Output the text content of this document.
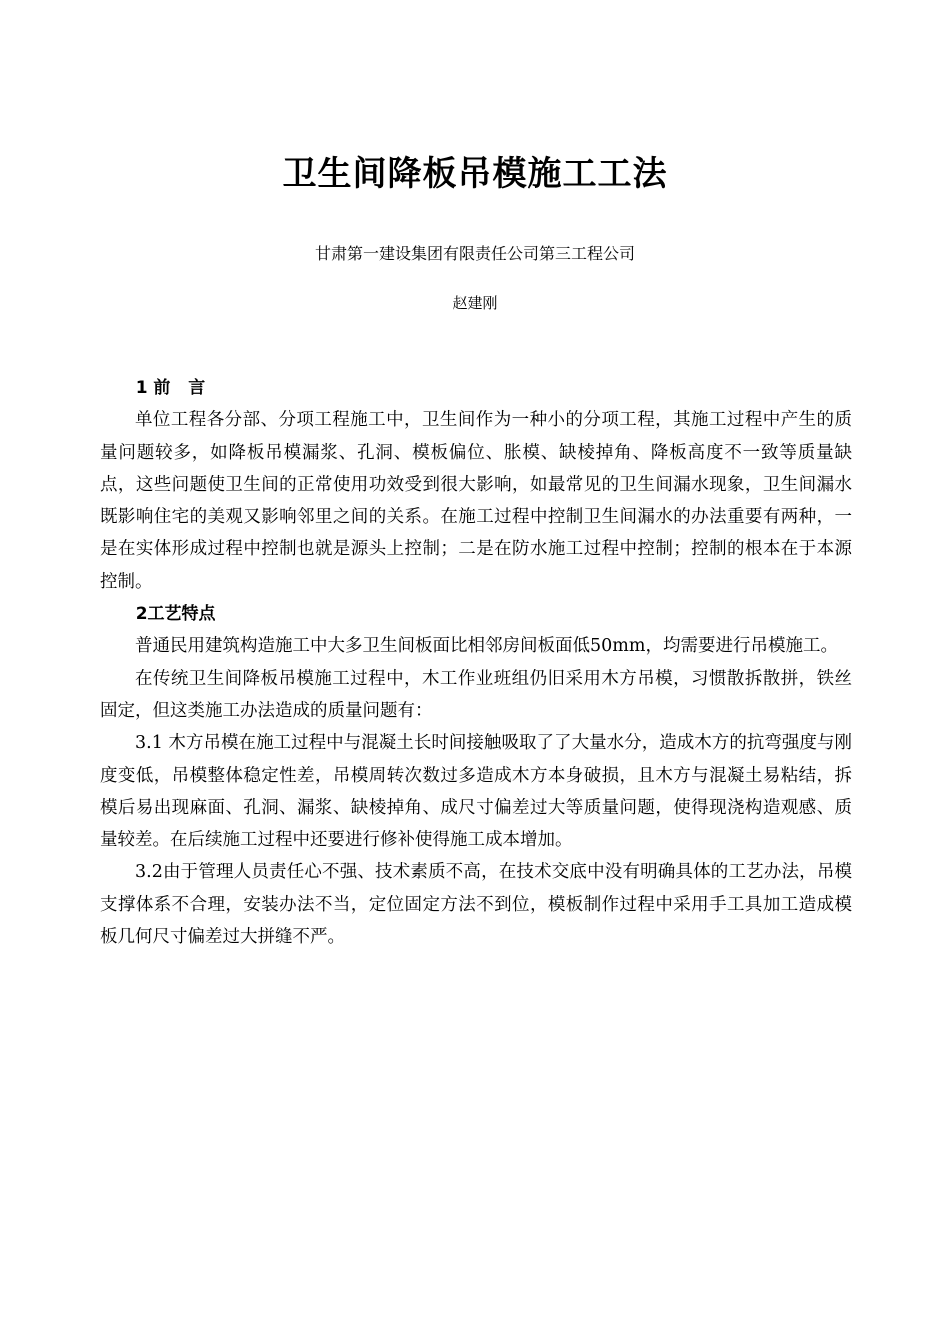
卫生间降板吊模施工工法
甘肃第一建设集团有限责任公司第三工程公司
赵建刚
1 前   言

单位工程各分部、分项工程施工中，卫生间作为一种小的分项工程，其施工过程中产生的质量问题较多，如降板吊模漏浆、孔洞、模板偏位、胀模、缺棱掉角、降板高度不一致等质量缺点，这些问题使卫生间的正常使用功效受到很大影响，如最常见的卫生间漏水现象，卫生间漏水既影响住宅的美观又影响邻里之间的关系。在施工过程中控制卫生间漏水的办法重要有两种，一是在实体形成过程中控制也就是源头上控制；二是在防水施工过程中控制；控制的根本在于本源控制。

2工艺特点

普通民用建筑构造施工中大多卫生间板面比相邻房间板面低50mm，均需要进行吊模施工。

在传统卫生间降板吊模施工过程中，木工作业班组仍旧采用木方吊模，习惯散拆散拼，铁丝固定，但这类施工办法造成的质量问题有：

3.1 木方吊模在施工过程中与混凝土长时间接触吸取了了大量水分，造成木方的抗弯强度与刚度变低，吊模整体稳定性差，吊模周转次数过多造成木方本身破损，且木方与混凝土易粘结，拆模后易出现麻面、孔洞、漏浆、缺棱掉角、成尺寸偏差过大等质量问题，使得现浇构造观感、质量较差。在后续施工过程中还要进行修补使得施工成本增加。

3.2由于管理人员责任心不强、技术素质不高，在技术交底中没有明确具体的工艺办法，吊模支撑体系不合理，安装办法不当，定位固定方法不到位，模板制作过程中采用手工具加工造成模板几何尺寸偏差过大拼缝不严。
